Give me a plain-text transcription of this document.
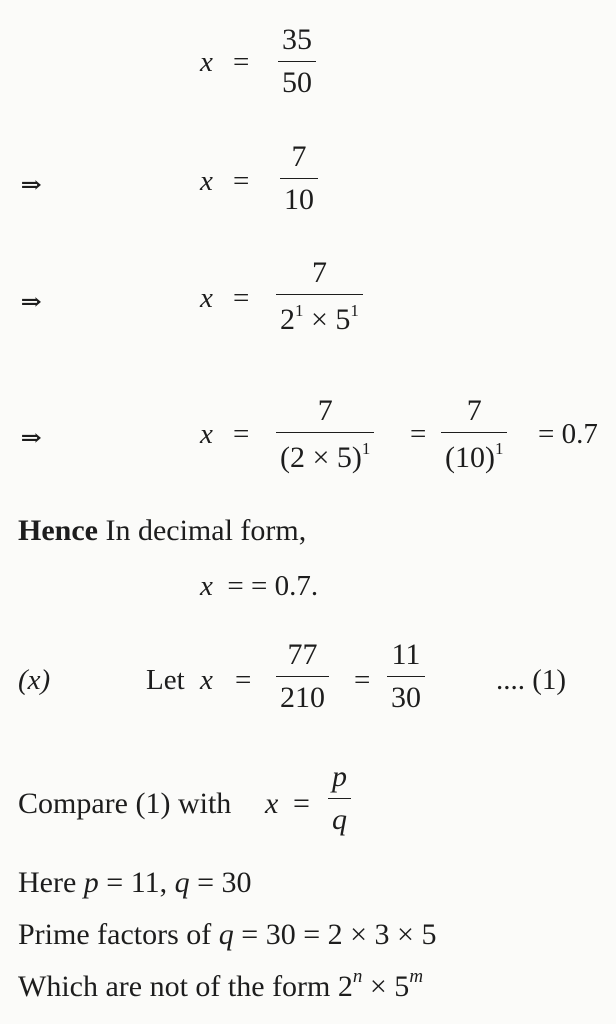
$x = \frac{35}{50}$
⇒	$x = \frac{7}{10}$
⇒	$x = \frac{7}{2^1 \times 5^1}$
⇒	$x = \frac{7}{(2 \times 5)^1} = \frac{7}{(10)^1} = 0.7$
Hence In decimal form,
x = = 0.7.
(x)	Let $x = \frac{77}{210} = \frac{11}{30}$ .... (1)
Compare (1) with $x = \frac{p}{q}$
Here p = 11, q = 30
Prime factors of q = 30 = 2 × 3 × 5
Which are not of the form $2^n \times 5^m$
